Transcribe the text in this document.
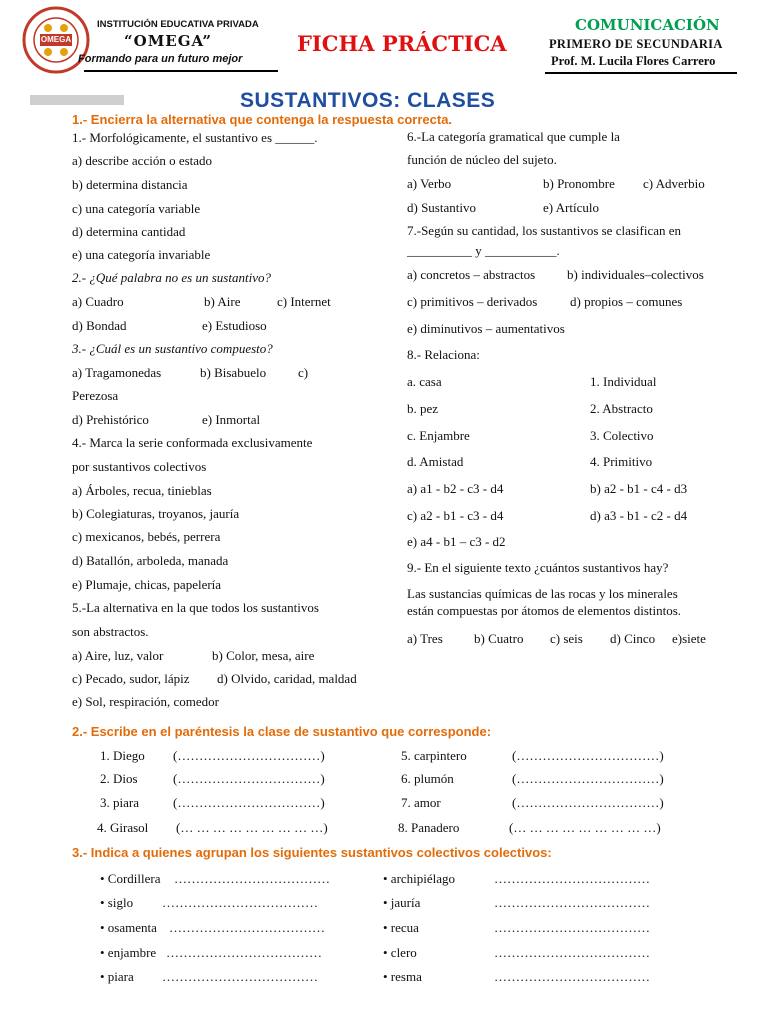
OMEGA
INSTITUCIÓN EDUCATIVA PRIVADA
“OMEGA”
Formando para un futuro mejor
FICHA PRÁCTICA
COMUNICACIÓN
PRIMERO DE SECUNDARIA
Prof. M. Lucila Flores Carrero
SUSTANTIVOS: CLASES
1.- Encierra la alternativa que contenga la respuesta correcta.
1.- Morfológicamente, el sustantivo es ______.
a) describe acción o estado
b) determina distancia
c) una categoría variable
d) determina cantidad
e) una categoría invariable
2.- ¿Qué palabra no es un sustantivo?
a) Cuadro	b) Aire	c) Internet
d) Bondad	e) Estudioso
3.- ¿Cuál es un sustantivo compuesto?
a) Tragamonedas	b) Bisabuelo c)
Perezosa
d) Prehistórico	e) Inmortal
4.- Marca la serie conformada exclusivamente
por sustantivos colectivos
a) Árboles, recua, tinieblas
b) Colegiaturas, troyanos, jauría
c) mexicanos, bebés, perrera
d) Batallón, arboleda, manada
e) Plumaje, chicas, papelería
5.-La alternativa en la que todos los sustantivos
son abstractos.
a) Aire, luz, valor	b) Color, mesa, aire
c) Pecado, sudor, lápiz d) Olvido, caridad, maldad
e) Sol, respiración, comedor
6.-La categoría gramatical que cumple la
función de núcleo del sujeto.
a) Verbo	b) Pronombre c) Adverbio
d) Sustantivo	e) Artículo
7.-Según su cantidad, los sustantivos se clasifican en
__________ y ___________.
a) concretos – abstractos b) individuales–colectivos
c) primitivos – derivados	d) propios – comunes
e) diminutivos – aumentativos
8.- Relaciona:
a. casa	1. Individual
b. pez	2. Abstracto
c. Enjambre	3. Colectivo
d. Amistad	4. Primitivo
a) a1 - b2 - c3 - d4	b) a2 - b1 - c4 - d3
c) a2 - b1 - c3 - d4	d) a3 - b1 - c2 - d4
e) a4 - b1 – c3 - d2
9.- En el siguiente texto ¿cuántos sustantivos hay?
Las sustancias químicas de las rocas y los minerales
están compuestas por átomos de elementos distintos.
a) Tres b) Cuatro c) seis d) Cinco e)siete
2.- Escribe en el paréntesis la clase de sustantivo que corresponde:
1. Diego (……………………………)
2. Dios	(……………………………)
3. piara	(……………………………)
4. Girasol (… … … … … … … … …)
5. carpintero	(……………………………)
6. plumón	(……………………………)
7. amor	(……………………………)
8. Panadero	(… … … … … … … … …)
3.- Indica a quienes agrupan los siguientes sustantivos colectivos colectivos:
• Cordillera ………………………………
• siglo ………………………………
• osamenta ………………………………
• enjambre ………………………………
• piara ………………………………
• archipiélago	………………………………
• jauría	………………………………
• recua	………………………………
• clero	………………………………
• resma	………………………………
